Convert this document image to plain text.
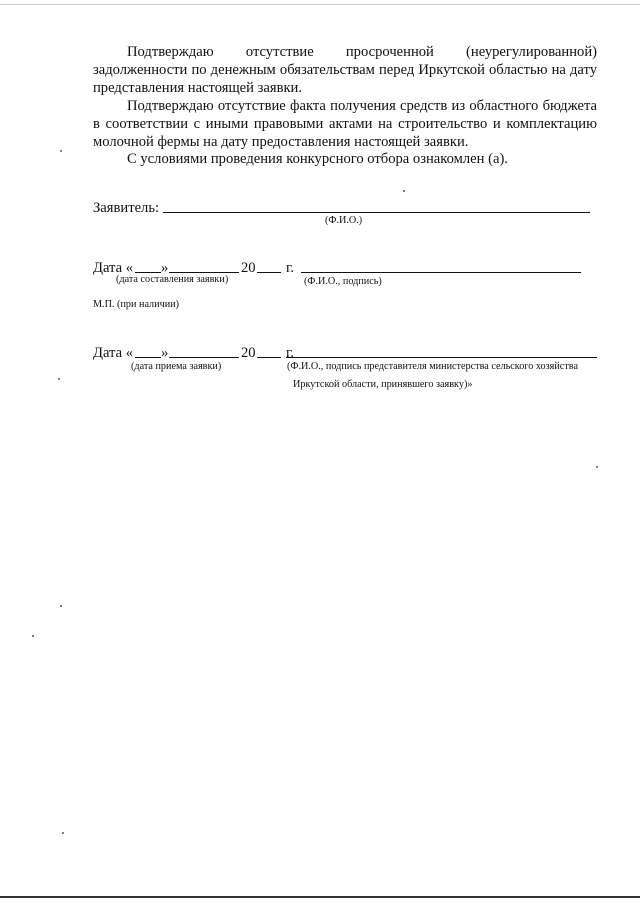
Подтверждаю отсутствие просроченной (неурегулированной) задолженности по денежным обязательствам перед Иркутской областью на дату представления настоящей заявки.

Подтверждаю отсутствие факта получения средств из областного бюджета в соответствии с иными правовыми актами на строительство и комплектацию молочной фермы на дату предоставления настоящей заявки.

С условиями проведения конкурсного отбора ознакомлен (а).

Заявитель:
(Ф.И.О.)
Дата « »	20 г.
(дата составления заявки)	(Ф.И.О., подпись)
М.П. (при наличии)
Дата « »	20 г.
(дата приема заявки)	(Ф.И.О., подпись представителя министерства сельского хозяйства
Иркутской области, принявшего заявку)»
